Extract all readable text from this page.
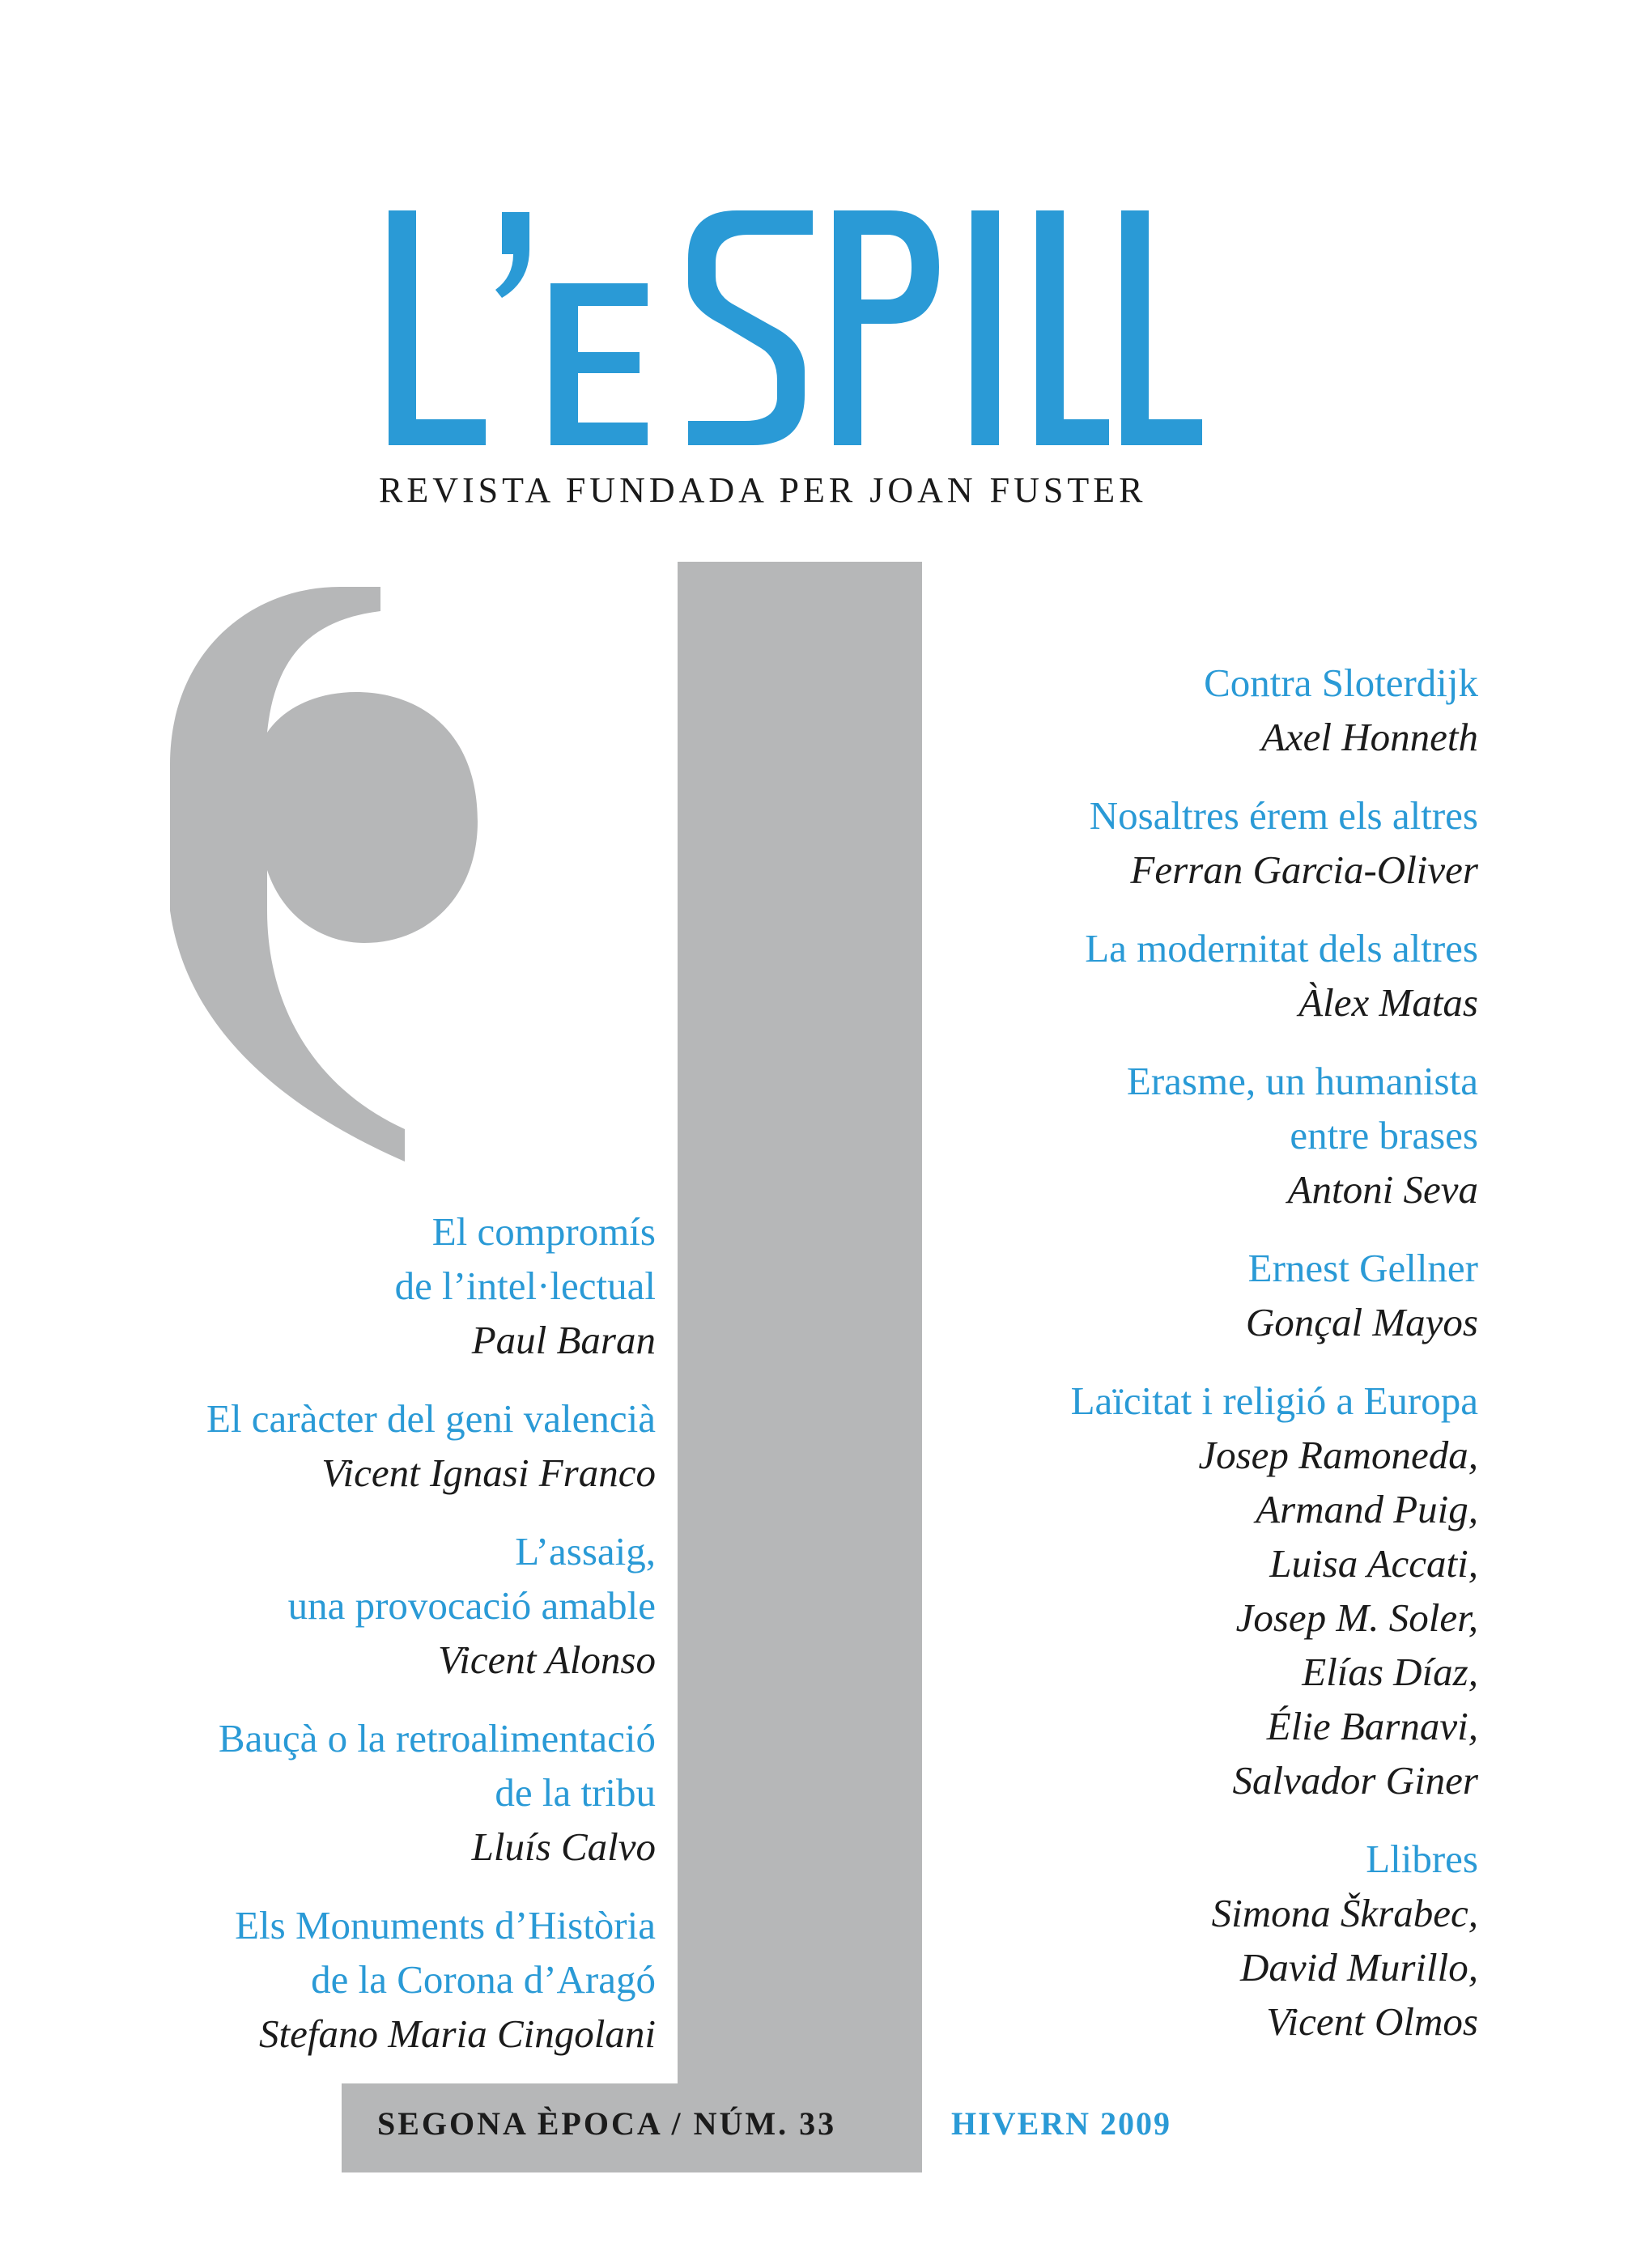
REVISTA FUNDADA PER JOAN FUSTER
El compromís
de l’intel·lectual
Paul Baran
El caràcter del geni valencià
Vicent Ignasi Franco
L’assaig,
una provocació amable
Vicent Alonso
Bauçà o la retroalimentació
de la tribu
Lluís Calvo
Els Monuments d’Història
de la Corona d’Aragó
Stefano Maria Cingolani
Contra Sloterdijk
Axel Honneth
Nosaltres érem els altres
Ferran Garcia-Oliver
La modernitat dels altres
Àlex Matas
Erasme, un humanista
entre brases
Antoni Seva
Ernest Gellner
Gonçal Mayos
Laïcitat i religió a Europa
Josep Ramoneda,
Armand Puig,
Luisa Accati,
Josep M. Soler,
Elías Díaz,
Élie Barnavi,
Salvador Giner
Llibres
Simona Škrabec,
David Murillo,
Vicent Olmos
SEGONA ÈPOCA / NÚM. 33	HIVERN 2009
